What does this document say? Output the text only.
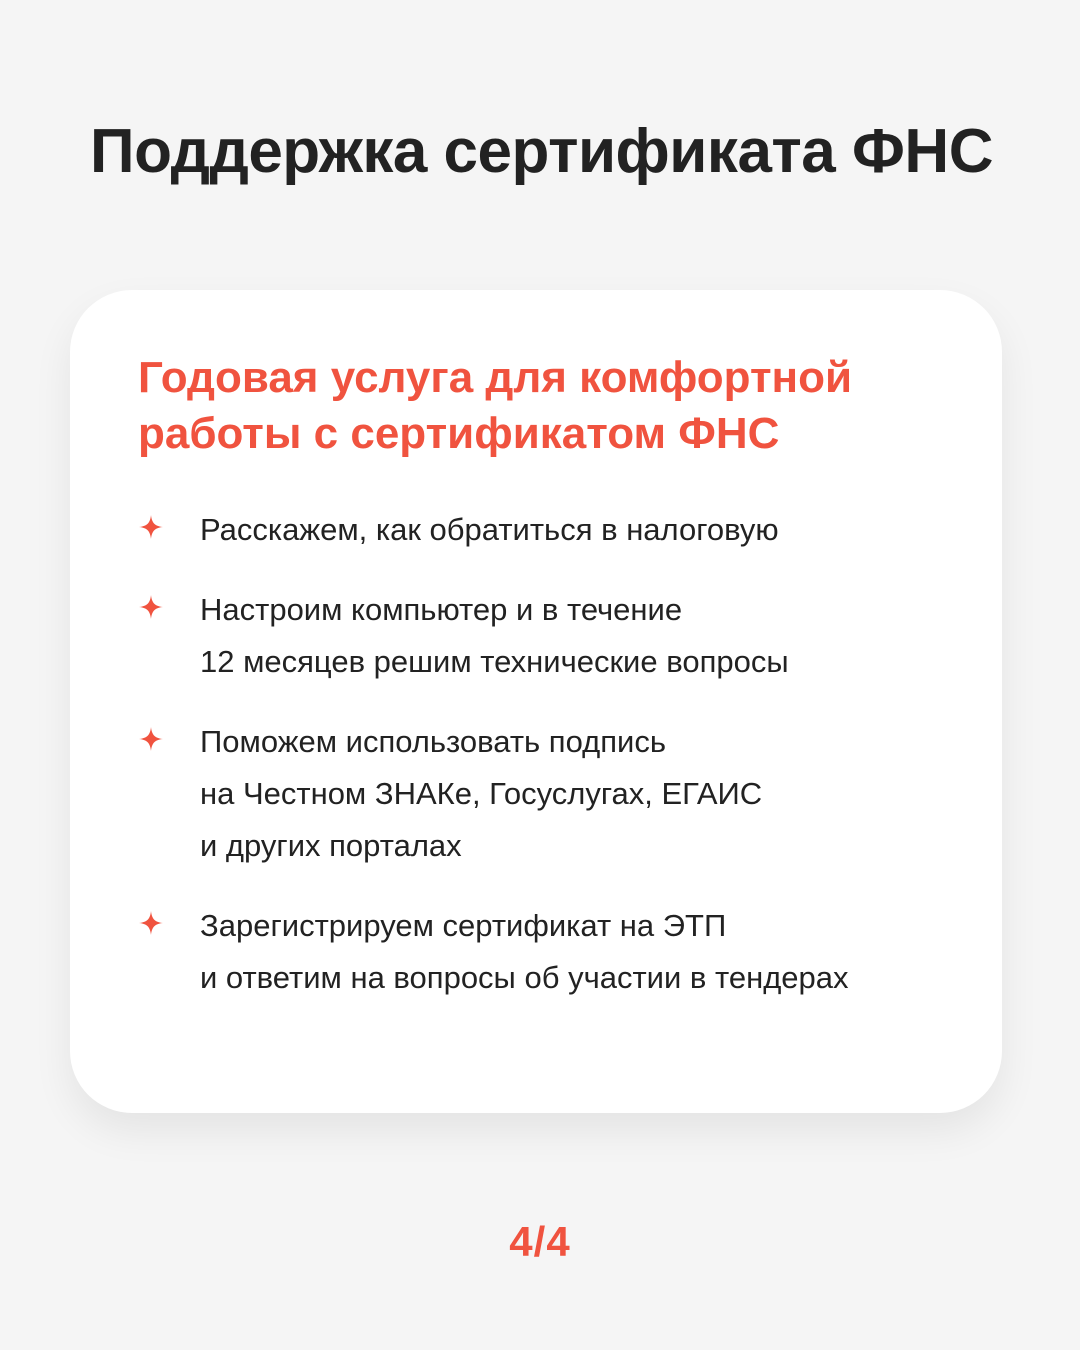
Поддержка сертификата ФНС
Годовая услуга для комфортной
работы с сертификатом ФНС
Расскажем, как обратиться в налоговую
Настроим компьютер и в течение
12 месяцев решим технические вопросы
Поможем использовать подпись
на Честном ЗНАКе, Госуслугах, ЕГАИС
и других порталах
Зарегистрируем сертификат на ЭТП
и ответим на вопросы об участии в тендерах
4/4
